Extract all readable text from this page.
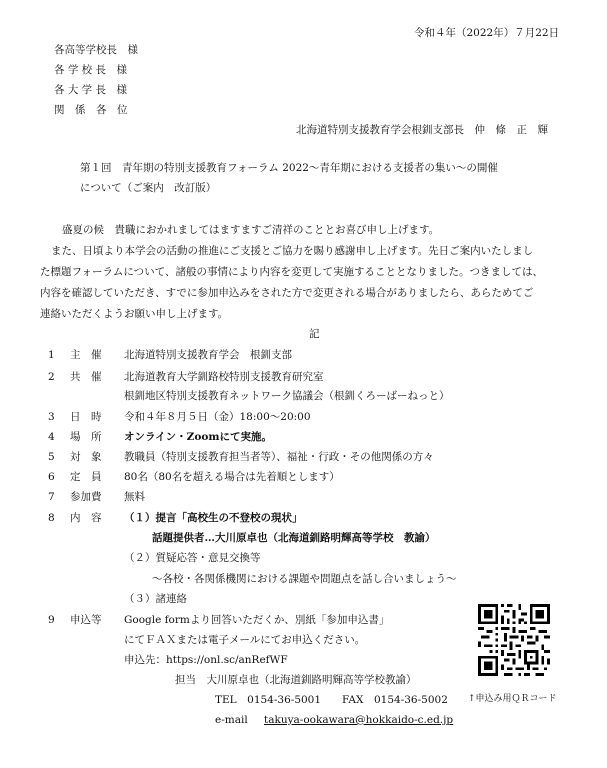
令和４年（2022年）７月22日
各高等学校長　様
各 学 校 長　様
各 大 学 長　様
関　係　各　位
北海道特別支援教育学会根釧支部長　仲　條　正　輝
第１回　青年期の特別支援教育フォーラム 2022～青年期における支援者の集い～の開催
について（ご案内　改訂版）
盛夏の候　貴職におかれましてはますますご清祥のこととお喜び申し上げます。
また、日頃より本学会の活動の推進にご支援とご協力を賜り感謝申し上げます。先日ご案内いたしまし
た標題フォーラムについて、諸般の事情により内容を変更して実施することとなりました。つきましては、
内容を確認していただき、すでに参加申込みをされた方で変更される場合がありましたら、あらためてご
連絡いただくようお願い申し上げます。
記
1 主　催 北海道特別支援教育学会　根釧支部
2 共　催 北海道教育大学釧路校特別支援教育研究室
根釧地区特別支援教育ネットワーク協議会（根釧くろーばーねっと）
3 日　時 令和４年８月５日（金）18:00～20:00
4 場　所 オンライン・Zoomにて実施。
5 対　象 教職員（特別支援教育担当者等）、福祉・行政・その他関係の方々
6 定　員 80名（80名を超える場合は先着順とします）
7 参加費 無料
8 内　容 （１）提言「高校生の不登校の現状」
話題提供者…大川原卓也（北海道釧路明輝高等学校　教諭）
（２）質疑応答・意見交換等
～各校・各関係機関における課題や問題点を話し合いましょう～
（３）諸連絡
9 申込等 Google formより回答いただくか、別紙「参加申込書」
にてＦＡＸまたは電子メールにてお申込ください。
申込先：https://onl.sc/anRefWF
担当　大川原卓也（北海道釧路明輝高等学校教諭）
TEL　0154-36-5001　　FAX　0154-36-5002
e-mail takuya-ookawara@hokkaido-c.ed.jp
↑申込み用ＱＲコード
